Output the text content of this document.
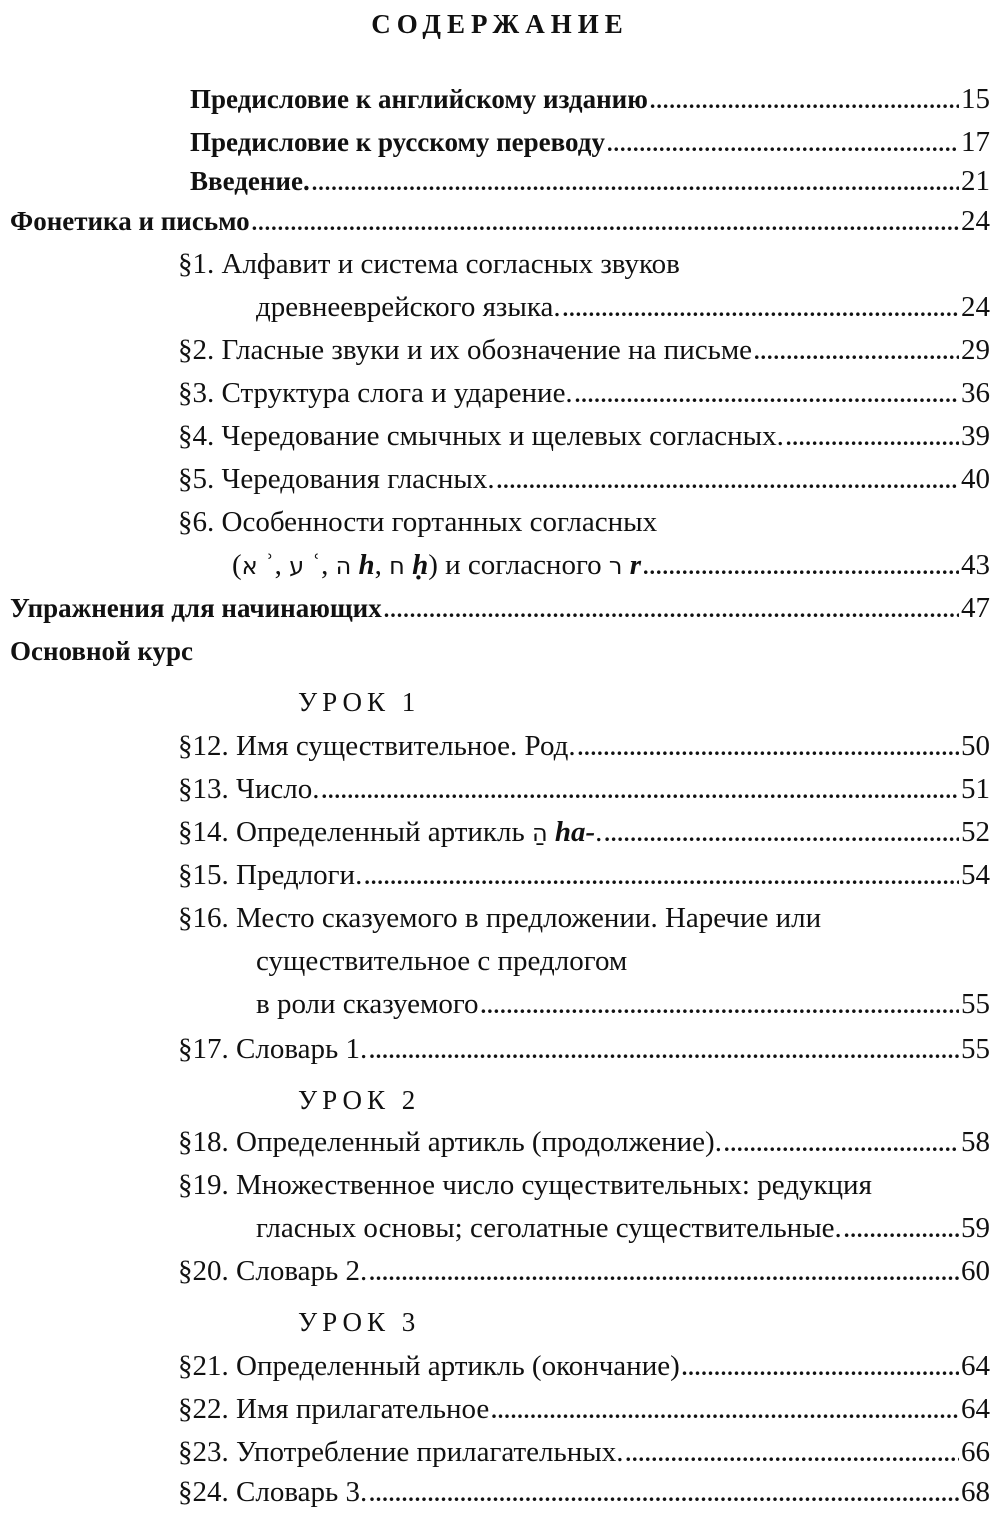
СОДЕРЖАНИЕ
Предисловие к английскому изданию .....	15
Предисловие к русскому переводу .....	17
Введение. .....	21
Фонетика и письмо .....	24
§1. Алфавит и система согласных звуков
древнееврейского языка. .....	24
§2. Гласные звуки и их обозначение на письме .....	29
§3. Структура слога и ударение. .....	36
§4. Чередование смычных и щелевых согласных. .....	39
§5. Чередования гласных. .....	40
§6. Особенности гортанных согласных
(א ʾ, ע ʿ, ה h, ח ḥ) и согласного ר r .....	43
Упражнения для начинающих .....	47
Основной курс
УРОК 1
§12. Имя существительное. Род. .....	50
§13. Число. .....	51
§14. Определенный артикль הַ ha-. .....	52
§15. Предлоги. .....	54
§16. Место сказуемого в предложении. Наречие или
существительное с предлогом
в роли сказуемого .....	55
§17. Словарь 1. .....	55
УРОК 2
§18. Определенный артикль (продолжение). .....	58
§19. Множественное число существительных: редукция
гласных основы; сеголатные существительные. .....	59
§20. Словарь 2. .....	60
УРОК 3
§21. Определенный артикль (окончание) .....	64
§22. Имя прилагательное .....	64
§23. Употребление прилагательных. .....	66
§24. Словарь 3. .....	68
